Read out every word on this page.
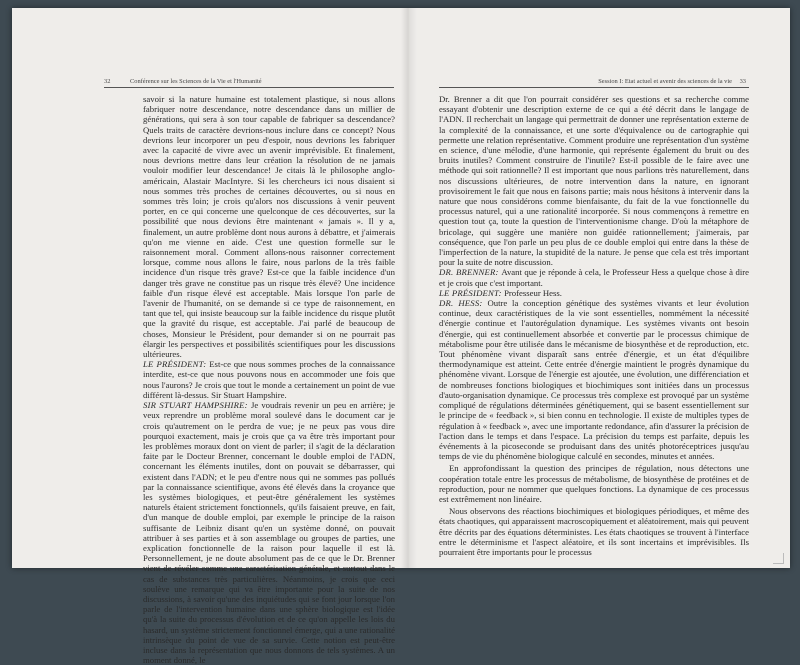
32	Conférence sur les Sciences de la Vie et l'Humanité

savoir si la nature humaine est totalement plastique, si nous allons fabriquer notre descendance, notre descendance dans un millier de générations, qui sera à son tour capable de fabriquer sa descendance? Quels traits de caractère devrions-nous inclure dans ce concept? Nous devrions leur incorporer un peu d'espoir, nous devrions les fabriquer avec la capacité de vivre avec un avenir imprévisible. Et finalement, nous devrions mettre dans leur création la résolution de ne jamais vouloir modifier leur descendance! Je citais là le philosophe anglo-américain, Alastair MacIntyre. Si les chercheurs ici nous disaient si nous sommes très proches de certaines découvertes, ou si nous en sommes très loin; je crois qu'alors nos discussions à venir peuvent porter, en ce qui concerne une quelconque de ces découvertes, sur la possibilité que nous devions être maintenant « jamais ». Il y a, finalement, un autre problème dont nous aurons à débattre, et j'aimerais qu'on me vienne en aide. C'est une question formelle sur le raisonnement moral. Comment allons-nous raisonner correctement lorsque, comme nous allons le faire, nous parlons de la très faible incidence d'un risque très grave? Est-ce que la faible incidence d'un danger très grave ne constitue pas un risque très élevé? Une incidence faible d'un risque élevé est acceptable. Mais lorsque l'on parle de l'avenir de l'humanité, on se demande si ce type de raisonnement, en tant que tel, qui insiste beaucoup sur la faible incidence du risque plutôt que la gravité du risque, est acceptable. J'ai parlé de beaucoup de choses, Monsieur le Président, pour demander si on ne pourrait pas élargir les perspectives et possibilités scientifiques pour les discussions ultérieures.

LE PRÉSIDENT: Est-ce que nous sommes proches de la connaissance interdite, est-ce que nous pouvons nous en accommoder une fois que nous l'aurons? Je crois que tout le monde a certainement un point de vue différent là-dessus. Sir Stuart Hampshire.

SIR STUART HAMPSHIRE: Je voudrais revenir un peu en arrière; je veux reprendre un problème moral soulevé dans le document car je crois qu'autrement on le perdra de vue; je ne peux pas vous dire pourquoi exactement, mais je crois que ça va être très important pour les problèmes moraux dont on vient de parler; il s'agit de la déclaration faite par le Docteur Brenner, concernant le double emploi de l'ADN, concernant les éléments inutiles, dont on pouvait se débarrasser, qui existent dans l'ADN; et le peu d'entre nous qui ne sommes pas pollués par la connaissance scientifique, avons été élevés dans la croyance que les systèmes biologiques, et peut-être généralement les systèmes naturels étaient strictement fonctionnels, qu'ils faisaient preuve, en fait, d'un manque de double emploi, par exemple le principe de la raison suffisante de Leibniz disant qu'en un système donné, on pouvait attribuer à ses parties et à son assemblage ou groupes de parties, une explication fonctionnelle de la raison pour laquelle il est là. Personnellement, je ne doute absolument pas de ce que le Dr. Brenner vient de révéler comme une caractérisation générale, et surtout dans le cas de substances très particulières. Néanmoins, je crois que ceci soulève une remarque qui va être importante pour la suite de nos discussions, à savoir qu'une des inquiétudes qui se font jour lorsque l'on parle de l'intervention humaine dans une sphère biologique est l'idée qu'à la suite du processus d'évolution et de ce qu'on appelle les lois du hasard, un système strictement fonctionnel émerge, qui a une rationalité intrinsèque du point de vue de sa survie. Cette notion est peut-être incluse dans la représentation que nous donnons de tels systèmes. A un moment donné, le

Session I: Etat actuel et avenir des sciences de la vie 33

Dr. Brenner a dit que l'on pourrait considérer ses questions et sa recherche comme essayant d'obtenir une description externe de ce qui a été décrit dans le langage de l'ADN. Il recherchait un langage qui permettrait de donner une représentation externe de la complexité de la connaissance, et une sorte d'équivalence ou de cartographie qui permette une relation représentative. Comment produire une représentation d'un système en science, d'une mélodie, d'une harmonie, qui représente également du bruit ou des bruits inutiles? Comment construire de l'inutile? Est-il possible de le faire avec une méthode qui soit rationnelle? Il est important que nous parlions très naturellement, dans nos discussions ultérieures, de notre intervention dans la nature, en ignorant provisoirement le fait que nous en faisons partie; mais nous hésitons à intervenir dans la nature que nous considérons comme bienfaisante, du fait de la vue fonctionnelle du processus naturel, qui a une rationalité incorporée. Si nous commençons à remettre en question tout ça, toute la question de l'interventionisme change. D'où la métaphore de bricolage, qui suggère une manière non guidée rationnellement; j'aimerais, par conséquence, que l'on parle un peu plus de ce double emploi qui entre dans la thèse de l'imperfection de la nature, la stupidité de la nature. Je pense que cela est très important pour la suite de notre discussion.

DR. BRENNER: Avant que je réponde à cela, le Professeur Hess a quelque chose à dire et je crois que c'est important.

LE PRÉSIDENT: Professeur Hess.

DR. HESS: Outre la conception génétique des systèmes vivants et leur évolution continue, deux caractéristiques de la vie sont essentielles, nommément la nécessité d'énergie continue et l'autorégulation dynamique. Les systèmes vivants ont besoin d'énergie, qui est continuellement absorbée et convertie par le processus chimique de métabolisme pour être utilisée dans le mécanisme de biosynthèse et de reproduction, etc. Tout phénomène vivant disparaît sans entrée d'énergie, et un état d'équilibre thermodynamique est atteint. Cette entrée d'énergie maintient le progrès dynamique du phénomène vivant. Lorsque de l'énergie est ajoutée, une évolution, une différenciation et de nombreuses fonctions biologiques et biochimiques sont initiées dans un processus d'auto-organisation dynamique. Ce processus très complexe est provoqué par un système compliqué de régulations déterminées génétiquement, qui se basent essentiellement sur le principe de « feedback », si bien connu en technologie. Il existe de multiples types de régulation à « feedback », avec une importante redondance, afin d'assurer la précision de l'action dans le temps et dans l'espace. La précision du temps est parfaite, depuis les événements à la picoseconde se produisant dans des unités photoréceptrices jusqu'au temps de vie du phénomène biologique calculé en secondes, minutes et années.

En approfondissant la question des principes de régulation, nous détectons une coopération totale entre les processus de métabolisme, de biosynthèse de protéines et de reproduction, pour ne nommer que quelques fonctions. La dynamique de ces processus est extrêmement non linéaire.

Nous observons des réactions biochimiques et biologiques périodiques, et même des états chaotiques, qui apparaissent macroscopiquement et aléatoirement, mais qui peuvent être décrits par des équations déterministes. Les états chaotiques se trouvent à l'interface entre le déterminisme et l'aspect aléatoire, et ils sont incertains et imprévisibles. Ils pourraient être importants pour le processus
